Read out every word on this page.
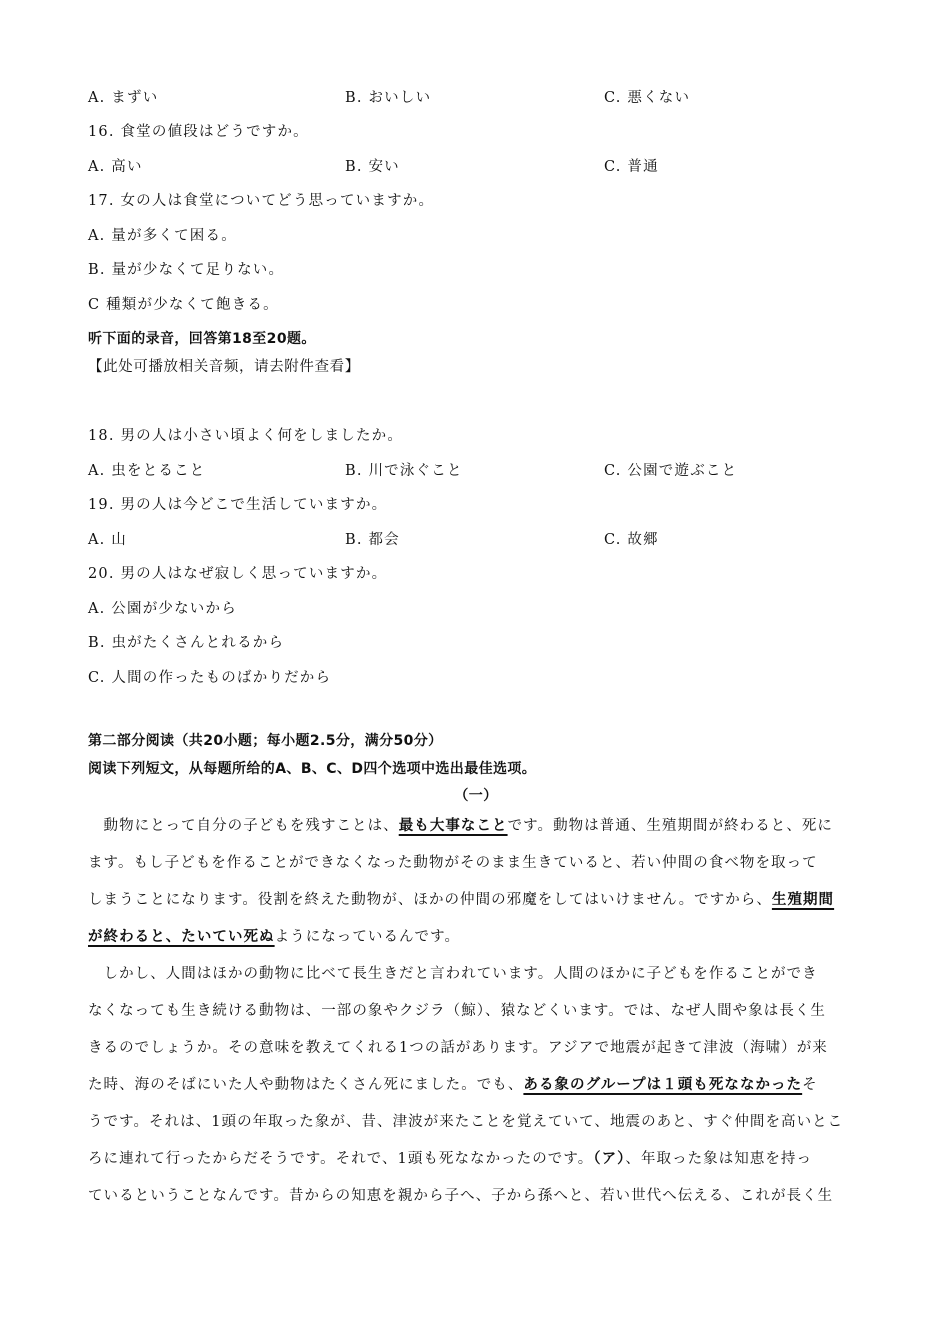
A. まずい	B. おいしい	C. 悪くない
16. 食堂の値段はどうですか。
A. 高い	B. 安い	C. 普通
17. 女の人は食堂についてどう思っていますか。
A. 量が多くて困る。
B. 量が少なくて足りない。
C 種類が少なくて飽きる。
听下面的录音，回答第18至20题。
【此处可播放相关音频，请去附件查看】
18. 男の人は小さい頃よく何をしましたか。
A. 虫をとること	B. 川で泳ぐこと	C. 公園で遊ぶこと
19. 男の人は今どこで生活していますか。
A. 山	B. 都会	C. 故郷
20. 男の人はなぜ寂しく思っていますか。
A. 公園が少ないから
B. 虫がたくさんとれるから
C. 人間の作ったものばかりだから
第二部分阅读（共20小题；每小题2.5分，满分50分）
阅读下列短文，从每题所给的A、B、C、D四个选项中选出最佳选项。
（一）
　動物にとって自分の子どもを残すことは、最も大事なことです。動物は普通、生殖期間が終わると、死に
ます。もし子どもを作ることができなくなった動物がそのまま生きていると、若い仲間の食べ物を取って
しまうことになります。役割を終えた動物が、ほかの仲間の邪魔をしてはいけません。ですから、生殖期間
が終わると、たいてい死ぬようになっているんです。
　しかし、人間はほかの動物に比べて長生きだと言われています。人間のほかに子どもを作ることができ
なくなっても生き続ける動物は、一部の象やクジラ（鯨）、猿などくいます。では、なぜ人間や象は長く生
きるのでしょうか。その意味を教えてくれる1つの話があります。アジアで地震が起きて津波（海啸）が来
た時、海のそばにいた人や動物はたくさん死にました。でも、ある象のグループは１頭も死ななかったそ
うです。それは、1頭の年取った象が、昔、津波が来たことを覚えていて、地震のあと、すぐ仲間を高いとこ
ろに連れて行ったからだそうです。それで、1頭も死ななかったのです。（ア）、年取った象は知恵を持っ
ているということなんです。昔からの知恵を親から子へ、子から孫へと、若い世代へ伝える、これが長く生
